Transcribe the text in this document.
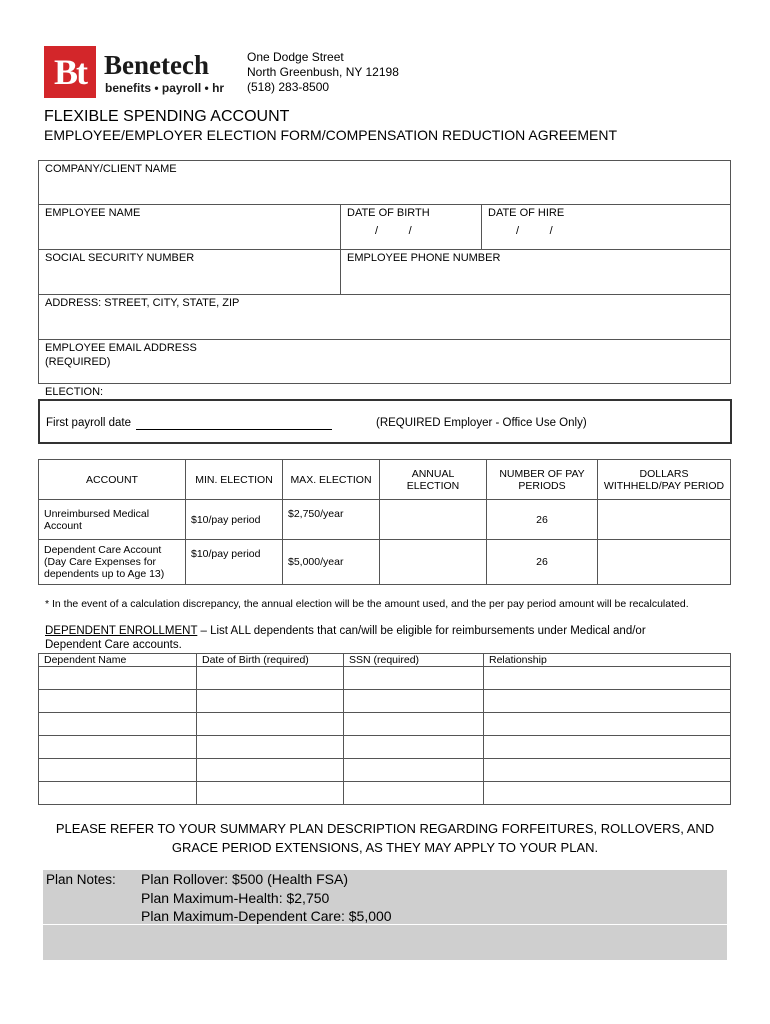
Bt Benetech
benefits • payroll • hr
One Dodge Street
North Greenbush, NY 12198
(518) 283-8500
FLEXIBLE SPENDING ACCOUNT
EMPLOYEE/EMPLOYER ELECTION FORM/COMPENSATION REDUCTION AGREEMENT
COMPANY/CLIENT NAME
EMPLOYEE NAME	DATE OF BIRTH
/          /
DATE OF HIRE
/          /
SOCIAL SECURITY NUMBER	EMPLOYEE PHONE NUMBER
ADDRESS: STREET, CITY, STATE, ZIP
EMPLOYEE EMAIL ADDRESS
(REQUIRED)
ELECTION:
First payroll date	(REQUIRED Employer - Office Use Only)
ACCOUNT	MIN. ELECTION	MAX. ELECTION	ANNUAL ELECTION	NUMBER OF PAY PERIODS	DOLLARS WITHHELD/PAY PERIOD
Unreimbursed Medical Account	$10/pay period	$2,750/year		26	
Dependent Care Account (Day Care Expenses for dependents up to Age 13)	$10/pay period	$5,000/year		26	
* In the event of a calculation discrepancy, the annual election will be the amount used, and the per pay period amount will be recalculated.
DEPENDENT ENROLLMENT – List ALL dependents that can/will be eligible for reimbursements under Medical and/or Dependent Care accounts.
Dependent Name	Date of Birth (required)	SSN (required)	Relationship

PLEASE REFER TO YOUR SUMMARY PLAN DESCRIPTION REGARDING FORFEITURES, ROLLOVERS, AND
GRACE PERIOD EXTENSIONS, AS THEY MAY APPLY TO YOUR PLAN.
Plan Notes: Plan Rollover: $500 (Health FSA)
Plan Maximum-Health: $2,750
Plan Maximum-Dependent Care: $5,000
